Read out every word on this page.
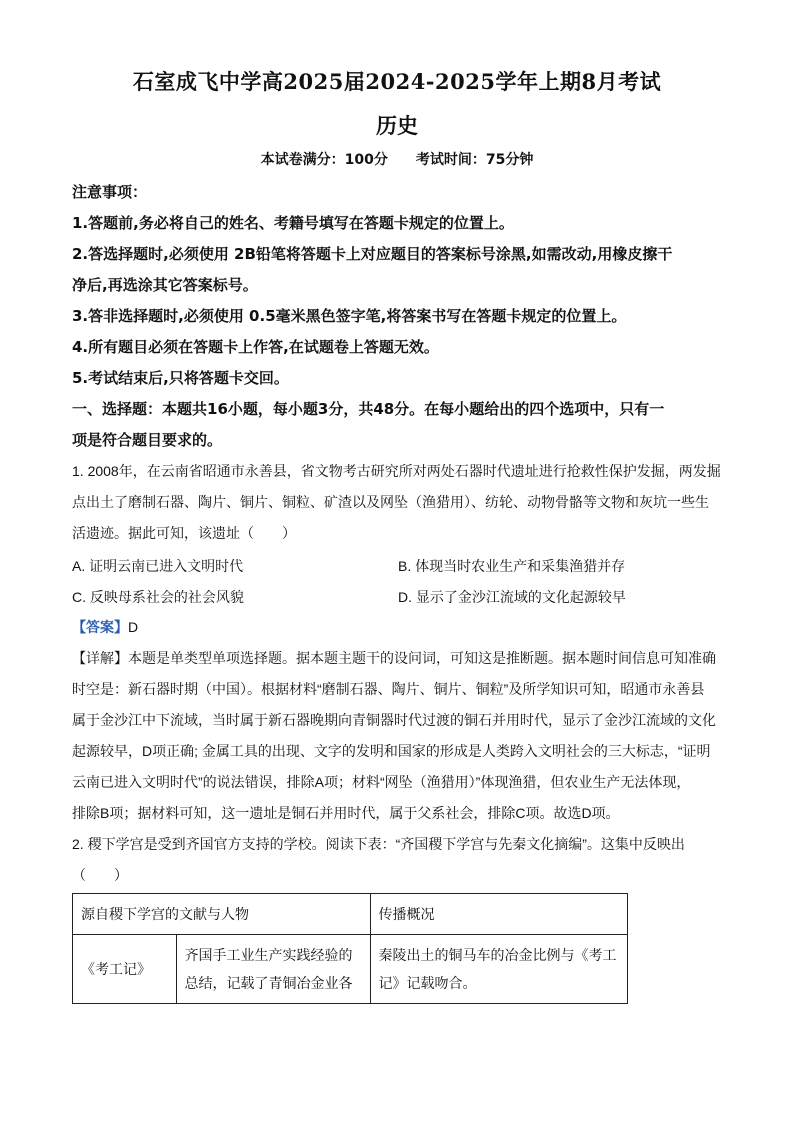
石室成飞中学高2025届2024-2025学年上期8月考试
历史
本试卷满分：100分 考试时间：75分钟
注意事项：
1.答题前,务必将自己的姓名、考籍号填写在答题卡规定的位置上。
2.答选择题时,必须使用 2B铅笔将答题卡上对应题目的答案标号涂黑,如需改动,用橡皮擦干
净后,再选涂其它答案标号。
3.答非选择题时,必须使用 0.5毫米黑色签字笔,将答案书写在答题卡规定的位置上。
4.所有题目必须在答题卡上作答,在试题卷上答题无效。
5.考试结束后,只将答题卡交回。
一、选择题：本题共16小题，每小题3分，共48分。在每小题给出的四个选项中，只有一
项是符合题目要求的。
1. 2008年，在云南省昭通市永善县，省文物考古研究所对两处石器时代遗址进行抢救性保护发掘，两发掘
点出土了磨制石器、陶片、铜片、铜粒、矿渣以及网坠（渔猎用）、纺轮、动物骨骼等文物和灰坑一些生
活遗迹。据此可知，该遗址（　　）
A. 证明云南已进入文明时代	B. 体现当时农业生产和采集渔猎并存
C. 反映母系社会的社会风貌	D. 显示了金沙江流域的文化起源较早
【答案】D
【详解】本题是单类型单项选择题。据本题主题干的设问词，可知这是推断题。据本题时间信息可知准确
时空是：新石器时期（中国）。根据材料“磨制石器、陶片、铜片、铜粒”及所学知识可知，昭通市永善县
属于金沙江中下流域，当时属于新石器晚期向青铜器时代过渡的铜石并用时代，显示了金沙江流域的文化
起源较早，D项正确; 金属工具的出现、文字的发明和国家的形成是人类跨入文明社会的三大标志，“证明
云南已进入文明时代”的说法错误，排除A项；材料“网坠（渔猎用）”体现渔猎，但农业生产无法体现，
排除B项；据材料可知，这一遗址是铜石并用时代，属于父系社会，排除C项。故选D项。
2. 稷下学宫是受到齐国官方支持的学校。阅读下表：“齐国稷下学宫与先秦文化摘编”。这集中反映出
（　　）
源自稷下学宫的文献与人物		传播概况
《考工记》	齐国手工业生产实践经验的总结，记载了青铜冶金业各	秦陵出土的铜马车的冶金比例与《考工记》记载吻合。
